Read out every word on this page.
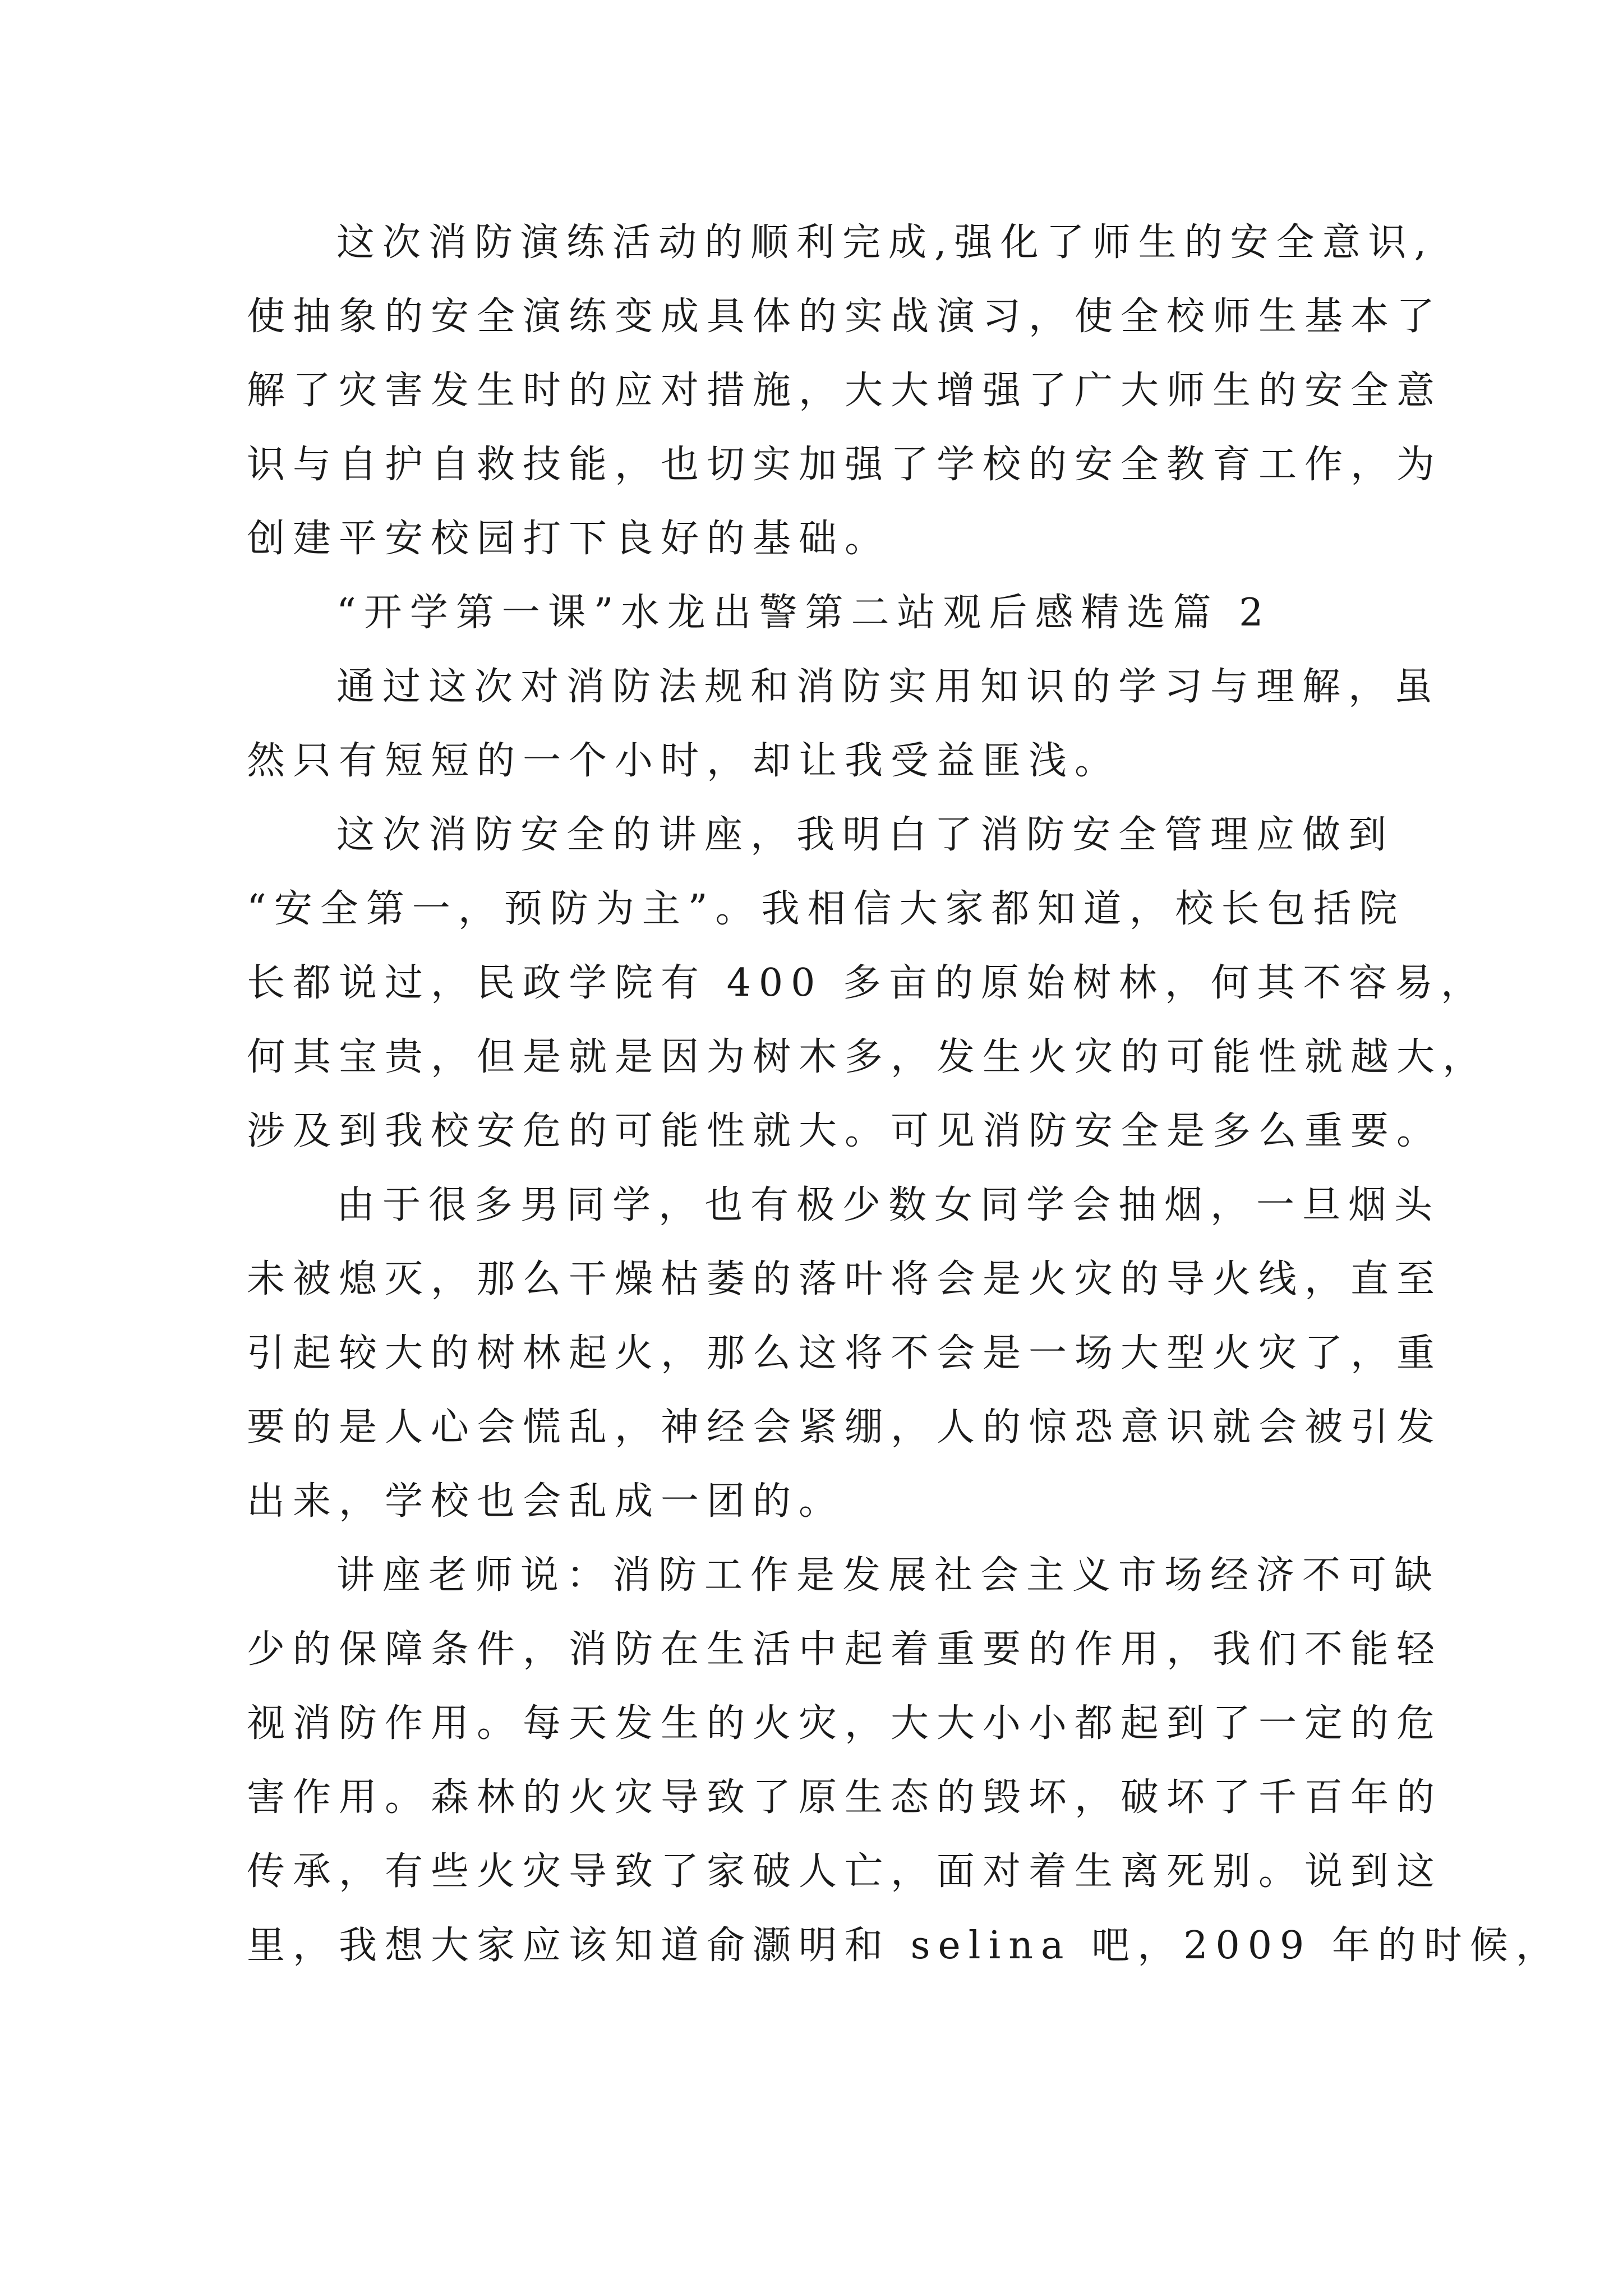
这次消防演练活动的顺利完成,强化了师生的安全意识,
使抽象的安全演练变成具体的实战演习，使全校师生基本了
解了灾害发生时的应对措施，大大增强了广大师生的安全意
识与自护自救技能，也切实加强了学校的安全教育工作，为
创建平安校园打下良好的基础。
“开学第一课”水龙出警第二站观后感精选篇 2
通过这次对消防法规和消防实用知识的学习与理解，虽
然只有短短的一个小时，却让我受益匪浅。
这次消防安全的讲座，我明白了消防安全管理应做到
“安全第一，预防为主”。我相信大家都知道，校长包括院
长都说过，民政学院有 400 多亩的原始树林，何其不容易，
何其宝贵，但是就是因为树木多，发生火灾的可能性就越大，
涉及到我校安危的可能性就大。可见消防安全是多么重要。
由于很多男同学，也有极少数女同学会抽烟，一旦烟头
未被熄灭，那么干燥枯萎的落叶将会是火灾的导火线，直至
引起较大的树林起火，那么这将不会是一场大型火灾了，重
要的是人心会慌乱，神经会紧绷，人的惊恐意识就会被引发
出来，学校也会乱成一团的。
讲座老师说：消防工作是发展社会主义市场经济不可缺
少的保障条件，消防在生活中起着重要的作用，我们不能轻
视消防作用。每天发生的火灾，大大小小都起到了一定的危
害作用。森林的火灾导致了原生态的毁坏，破坏了千百年的
传承，有些火灾导致了家破人亡，面对着生离死别。说到这
里，我想大家应该知道俞灏明和 selina 吧，2009 年的时候，
